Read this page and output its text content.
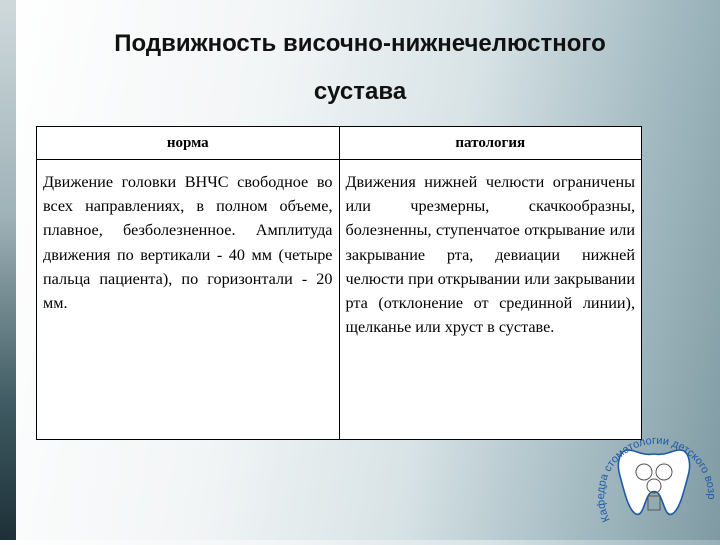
Подвижность височно-нижнечелюстного
сустава
норма	патология

Движение головки ВНЧС свободное во всех направлениях, в полном объеме, плавное, безболезненное. Амплитуда движения по вертикали - 40 мм (четыре пальца пациента), по горизонтали - 20 мм.	Движения нижней челюсти ограничены или чрезмерны, скачкообразны, болезненны, ступенчатое открывание или закрывание рта, девиации нижней челюсти при открывании или закрывании рта (отклонение от срединной линии), щелканье или хруст в суставе.
Кафедра стоматологии детского возр
